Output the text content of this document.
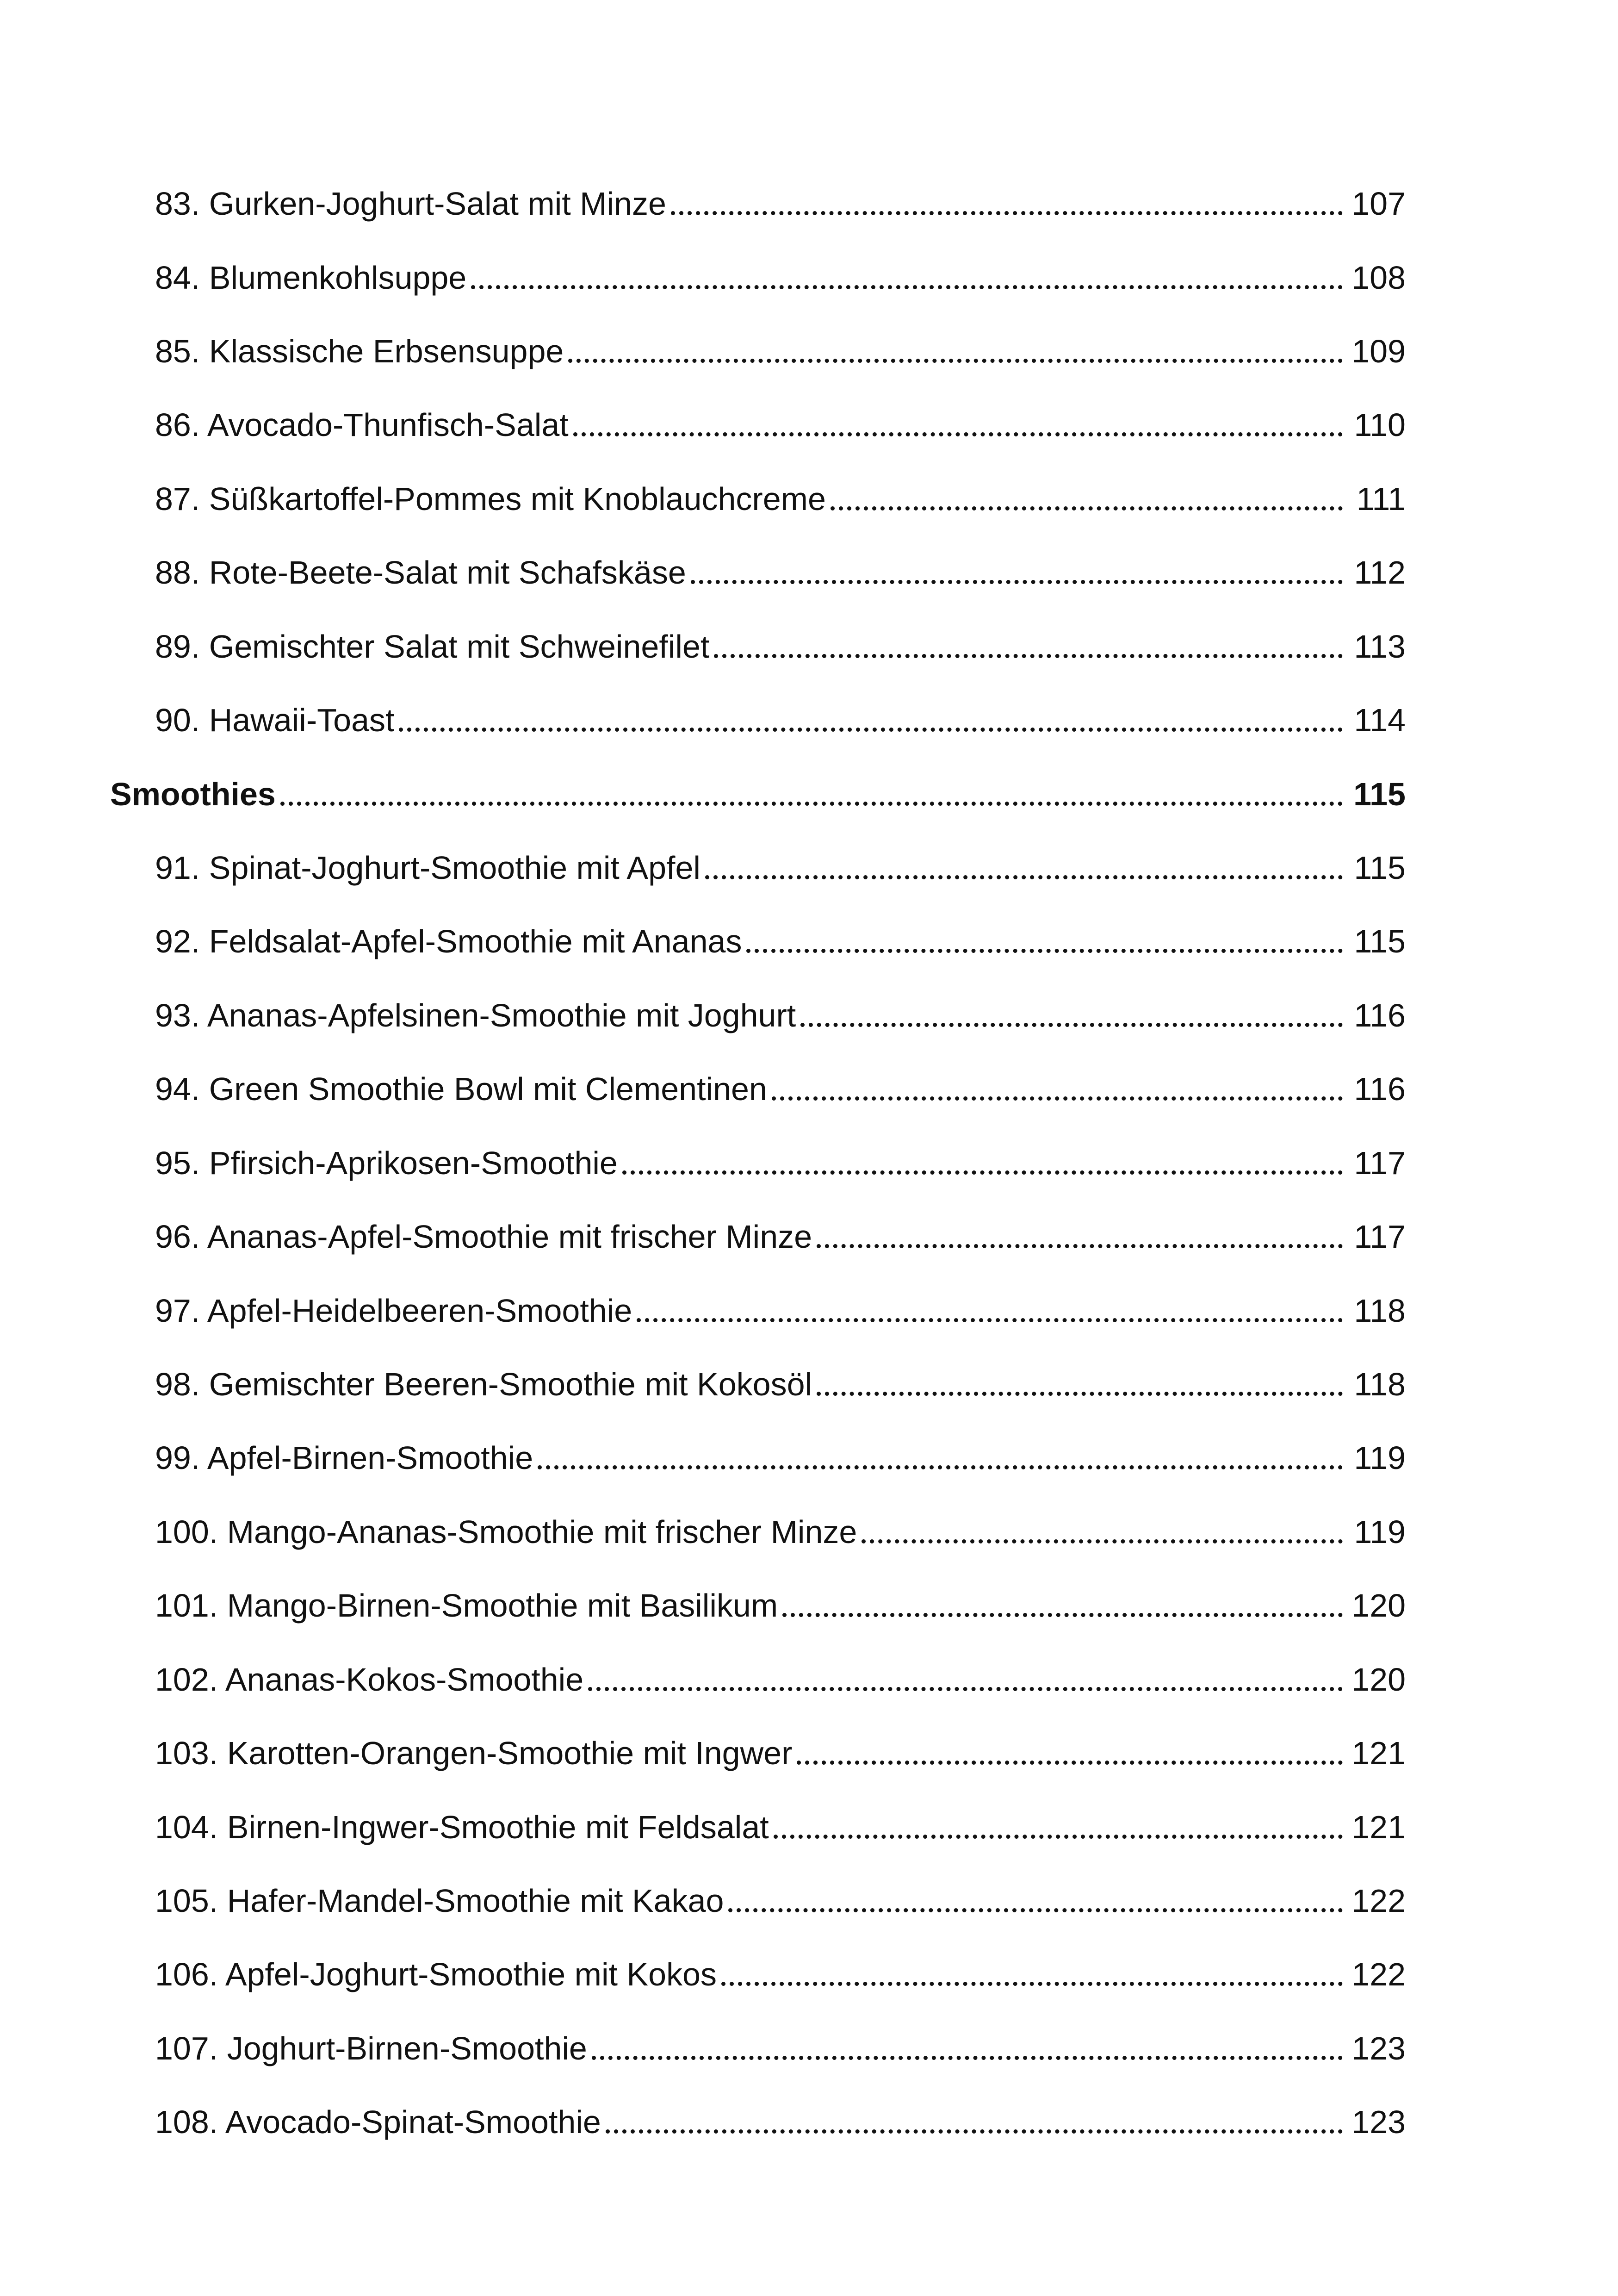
83. Gurken-Joghurt-Salat mit Minze	107
84. Blumenkohlsuppe	108
85. Klassische Erbsensuppe	109
86. Avocado-Thunfisch-Salat	110
87. Süßkartoffel-Pommes mit Knoblauchcreme	111
88. Rote-Beete-Salat mit Schafskäse	112
89. Gemischter Salat mit Schweinefilet	113
90. Hawaii-Toast	114
Smoothies	115
91. Spinat-Joghurt-Smoothie mit Apfel	115
92. Feldsalat-Apfel-Smoothie mit Ananas	115
93. Ananas-Apfelsinen-Smoothie mit Joghurt	116
94. Green Smoothie Bowl mit Clementinen	116
95. Pfirsich-Aprikosen-Smoothie	117
96. Ananas-Apfel-Smoothie mit frischer Minze	117
97. Apfel-Heidelbeeren-Smoothie	118
98. Gemischter Beeren-Smoothie mit Kokosöl	118
99. Apfel-Birnen-Smoothie	119
100. Mango-Ananas-Smoothie mit frischer Minze	119
101. Mango-Birnen-Smoothie mit Basilikum	120
102. Ananas-Kokos-Smoothie	120
103. Karotten-Orangen-Smoothie mit Ingwer	121
104. Birnen-Ingwer-Smoothie mit Feldsalat	121
105. Hafer-Mandel-Smoothie mit Kakao	122
106. Apfel-Joghurt-Smoothie mit Kokos	122
107. Joghurt-Birnen-Smoothie	123
108. Avocado-Spinat-Smoothie	123
